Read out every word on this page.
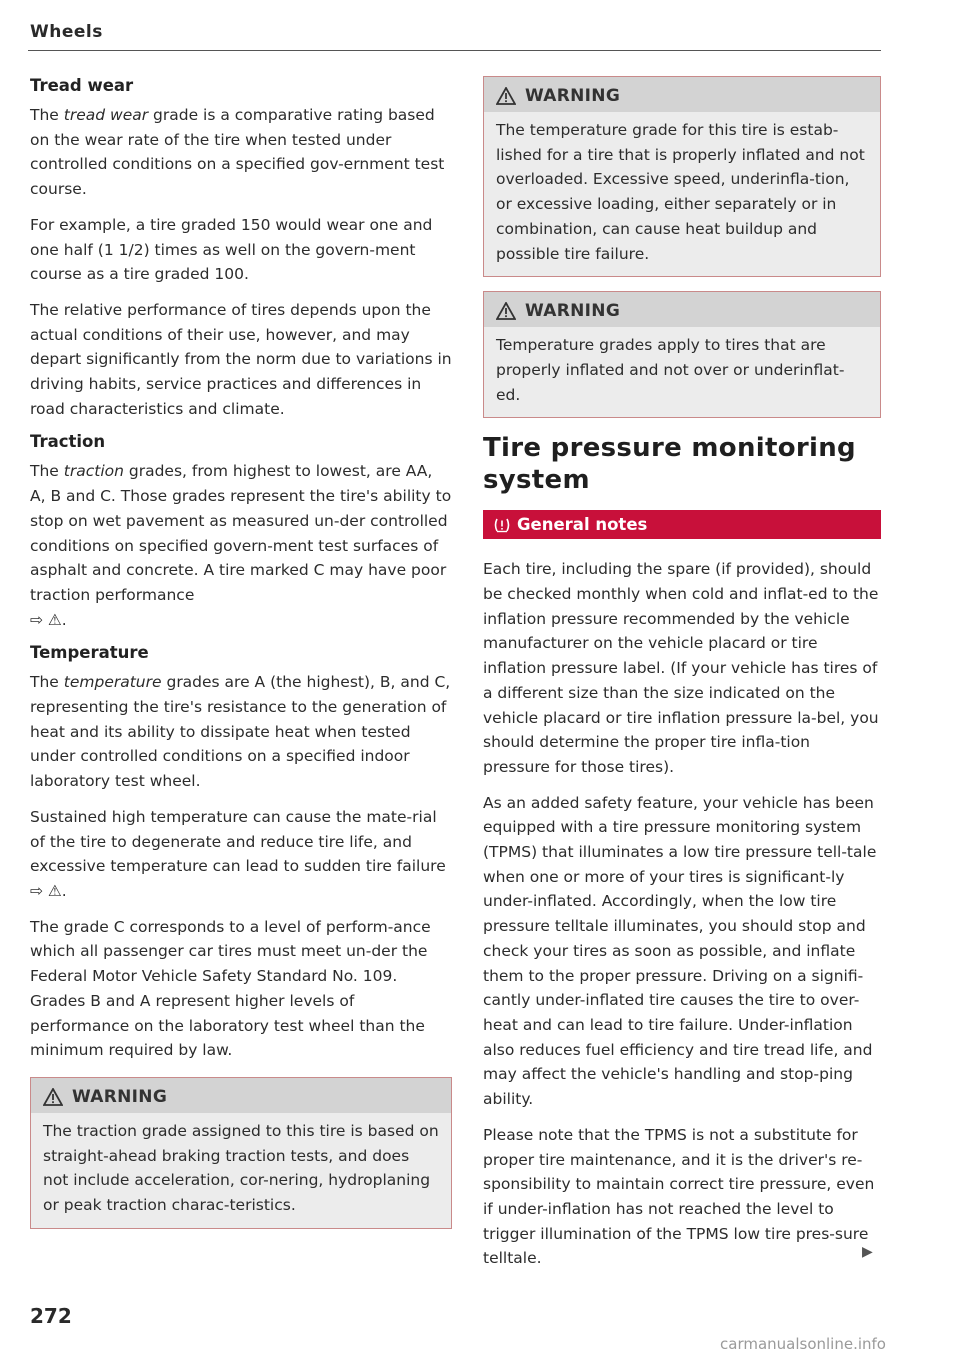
Wheels
Tread wear

The tread wear grade is a comparative rating based on the wear rate of the tire when tested under controlled conditions on a specified gov-ernment test course.

For example, a tire graded 150 would wear one and one half (1 1/2) times as well on the govern-ment course as a tire graded 100.

The relative performance of tires depends upon the actual conditions of their use, however, and may depart significantly from the norm due to variations in driving habits, service practices and differences in road characteristics and climate.

Traction

The traction grades, from highest to lowest, are AA, A, B and C. Those grades represent the tire's ability to stop on wet pavement as measured un-der controlled conditions on specified govern-ment test surfaces of asphalt and concrete. A tire marked C may have poor traction performance
⇨ ⚠.

Temperature

The temperature grades are A (the highest), B, and C, representing the tire's resistance to the generation of heat and its ability to dissipate heat when tested under controlled conditions on a specified indoor laboratory test wheel.

Sustained high temperature can cause the mate-rial of the tire to degenerate and reduce tire life, and excessive temperature can lead to sudden tire failure ⇨ ⚠.

The grade C corresponds to a level of perform-ance which all passenger car tires must meet un-der the Federal Motor Vehicle Safety Standard No. 109. Grades B and A represent higher levels of performance on the laboratory test wheel than the minimum required by law.

WARNING

The traction grade assigned to this tire is based on straight-ahead braking traction tests, and does not include acceleration, cor-nering, hydroplaning or peak traction charac-teristics.

WARNING

The temperature grade for this tire is estab-lished for a tire that is properly inflated and not overloaded. Excessive speed, underinfla-tion, or excessive loading, either separately or in combination, can cause heat buildup and possible tire failure.

WARNING

Temperature grades apply to tires that are properly inflated and not over or underinflat-ed.

Tire pressure monitoring system
General notes

Each tire, including the spare (if provided), should be checked monthly when cold and inflat-ed to the inflation pressure recommended by the vehicle manufacturer on the vehicle placard or tire inflation pressure label. (If your vehicle has tires of a different size than the size indicated on the vehicle placard or tire inflation pressure la-bel, you should determine the proper tire infla-tion pressure for those tires).

As an added safety feature, your vehicle has been equipped with a tire pressure monitoring system (TPMS) that illuminates a low tire pressure tell-tale when one or more of your tires is significant-ly under-inflated. Accordingly, when the low tire pressure telltale illuminates, you should stop and check your tires as soon as possible, and inflate them to the proper pressure. Driving on a signifi-cantly under-inflated tire causes the tire to over-heat and can lead to tire failure. Under-inflation also reduces fuel efficiency and tire tread life, and may affect the vehicle's handling and stop-ping ability.

Please note that the TPMS is not a substitute for proper tire maintenance, and it is the driver's re-sponsibility to maintain correct tire pressure, even if under-inflation has not reached the level to trigger illumination of the TPMS low tire pres-sure telltale.	▶
272
carmanualsonline.info
